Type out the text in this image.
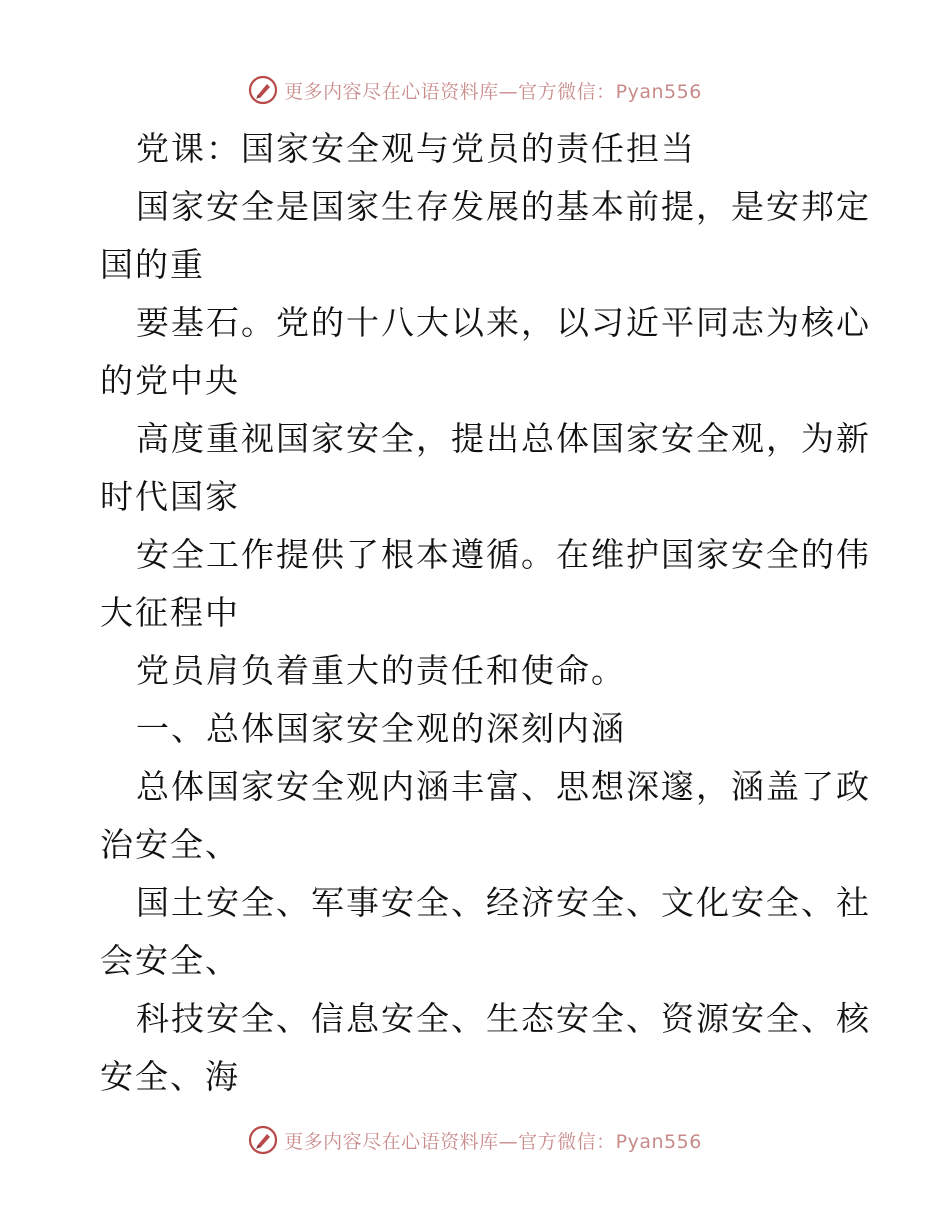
更多内容尽在心语资料库—官方微信：Pyan556
党课：国家安全观与党员的责任担当
国家安全是国家生存发展的基本前提，是安邦定
国的重
要基石。党的十八大以来，以习近平同志为核心
的党中央
高度重视国家安全，提出总体国家安全观，为新
时代国家
安全工作提供了根本遵循。在维护国家安全的伟
大征程中
党员肩负着重大的责任和使命。
一、总体国家安全观的深刻内涵
总体国家安全观内涵丰富、思想深邃，涵盖了政
治安全、
国土安全、军事安全、经济安全、文化安全、社
会安全、
科技安全、信息安全、生态安全、资源安全、核
安全、海
更多内容尽在心语资料库—官方微信：Pyan556
